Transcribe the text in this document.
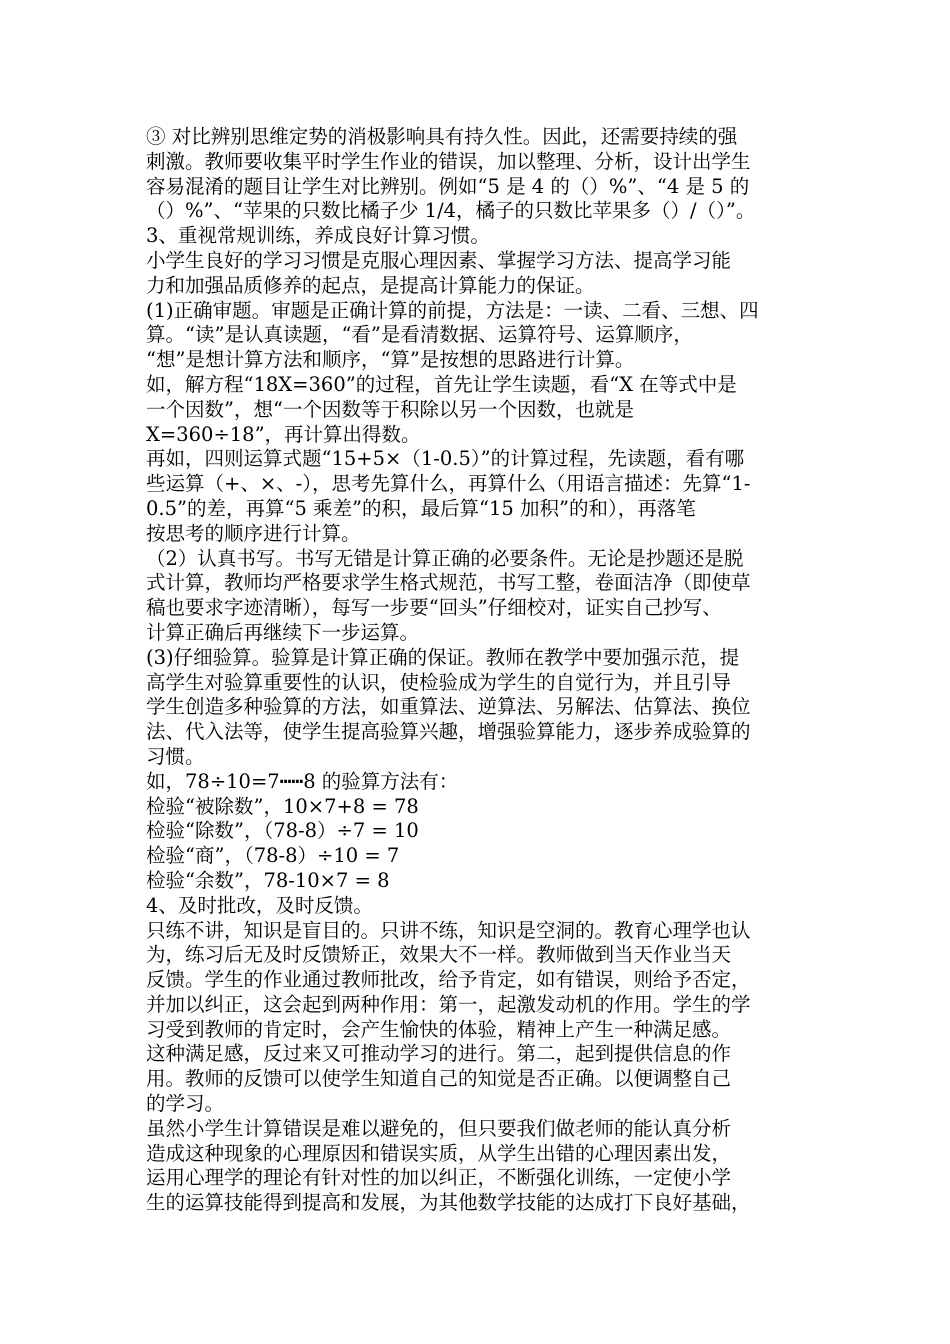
③ 对比辨别思维定势的消极影响具有持久性。因此，还需要持续的强
刺激。教师要收集平时学生作业的错误，加以整理、分析，设计出学生
容易混淆的题目让学生对比辨别。例如“5 是 4 的（）%”、“4 是 5 的
（）%”、“苹果的只数比橘子少 1/4，橘子的只数比苹果多（）/（）”。
3、重视常规训练，养成良好计算习惯。
小学生良好的学习习惯是克服心理因素、掌握学习方法、提高学习能
力和加强品质修养的起点，是提高计算能力的保证。
(1)正确审题。审题是正确计算的前提，方法是：一读、二看、三想、四
算。“读”是认真读题，“看”是看清数据、运算符号、运算顺序，
“想”是想计算方法和顺序，“算”是按想的思路进行计算。
如，解方程“18X=360”的过程，首先让学生读题，看“X 在等式中是
一个因数”，想“一个因数等于积除以另一个因数，也就是
X=360÷18”，再计算出得数。
再如，四则运算式题“15+5×（1-0.5）”的计算过程，先读题，看有哪
些运算（+、×、-），思考先算什么，再算什么（用语言描述：先算“1-
0.5”的差，再算“5 乘差”的积，最后算“15 加积”的和），再落笔
按思考的顺序进行计算。
（2）认真书写。书写无错是计算正确的必要条件。无论是抄题还是脱
式计算，教师均严格要求学生格式规范，书写工整，卷面洁净（即使草
稿也要求字迹清晰），每写一步要“回头”仔细校对，证实自己抄写、
计算正确后再继续下一步运算。
(3)仔细验算。验算是计算正确的保证。教师在教学中要加强示范，提
高学生对验算重要性的认识，使检验成为学生的自觉行为，并且引导
学生创造多种验算的方法，如重算法、逆算法、另解法、估算法、换位
法、代入法等，使学生提高验算兴趣，增强验算能力，逐步养成验算的
习惯。
如，78÷10=7┅┅8 的验算方法有：
检验“被除数”，10×7+8 = 78
检验“除数”，（78-8）÷7 = 10
检验“商”，（78-8）÷10 = 7
检验“余数”，78-10×7 = 8
4、及时批改，及时反馈。
只练不讲，知识是盲目的。只讲不练，知识是空洞的。教育心理学也认
为，练习后无及时反馈矫正，效果大不一样。教师做到当天作业当天
反馈。学生的作业通过教师批改，给予肯定，如有错误，则给予否定，
并加以纠正，这会起到两种作用：第一，起激发动机的作用。学生的学
习受到教师的肯定时，会产生愉快的体验，精神上产生一种满足感。
这种满足感，反过来又可推动学习的进行。第二，起到提供信息的作
用。教师的反馈可以使学生知道自己的知觉是否正确。以便调整自己
的学习。
虽然小学生计算错误是难以避免的，但只要我们做老师的能认真分析
造成这种现象的心理原因和错误实质，从学生出错的心理因素出发，
运用心理学的理论有针对性的加以纠正，不断强化训练，一定使小学
生的运算技能得到提高和发展，为其他数学技能的达成打下良好基础，
